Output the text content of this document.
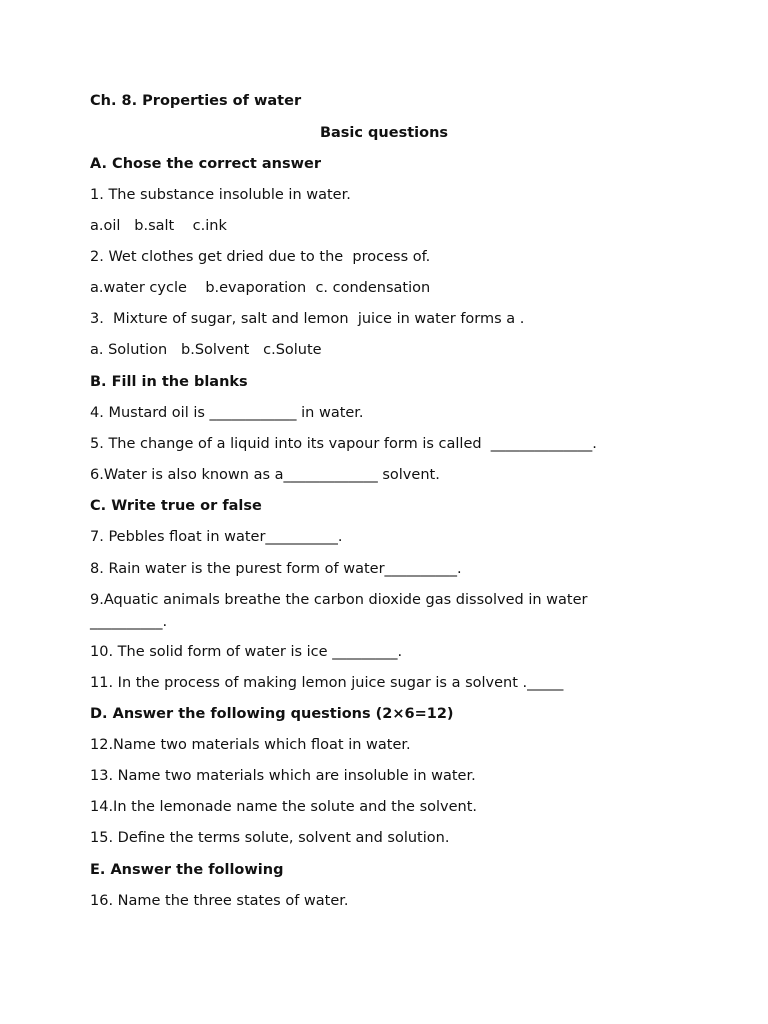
Ch. 8. Properties of water
Basic questions
A. Chose the correct answer
1. The substance insoluble in water.
a.oil   b.salt    c.ink
2. Wet clothes get dried due to the  process of.
a.water cycle    b.evaporation  c. condensation
3.  Mixture of sugar, salt and lemon  juice in water forms a .
a. Solution   b.Solvent   c.Solute
B. Fill in the blanks
4. Mustard oil is ____________ in water.
5. The change of a liquid into its vapour form is called  ______________.
6.Water is also known as a_____________ solvent.
C. Write true or false
7. Pebbles float in water__________.
8. Rain water is the purest form of water__________.
9.Aquatic animals breathe the carbon dioxide gas dissolved in water
__________.
10. The solid form of water is ice _________.
11. In the process of making lemon juice sugar is a solvent ._____
D. Answer the following questions (2×6=12)
12.Name two materials which float in water.
13. Name two materials which are insoluble in water.
14.In the lemonade name the solute and the solvent.
15. Define the terms solute, solvent and solution.
E. Answer the following
16. Name the three states of water.
